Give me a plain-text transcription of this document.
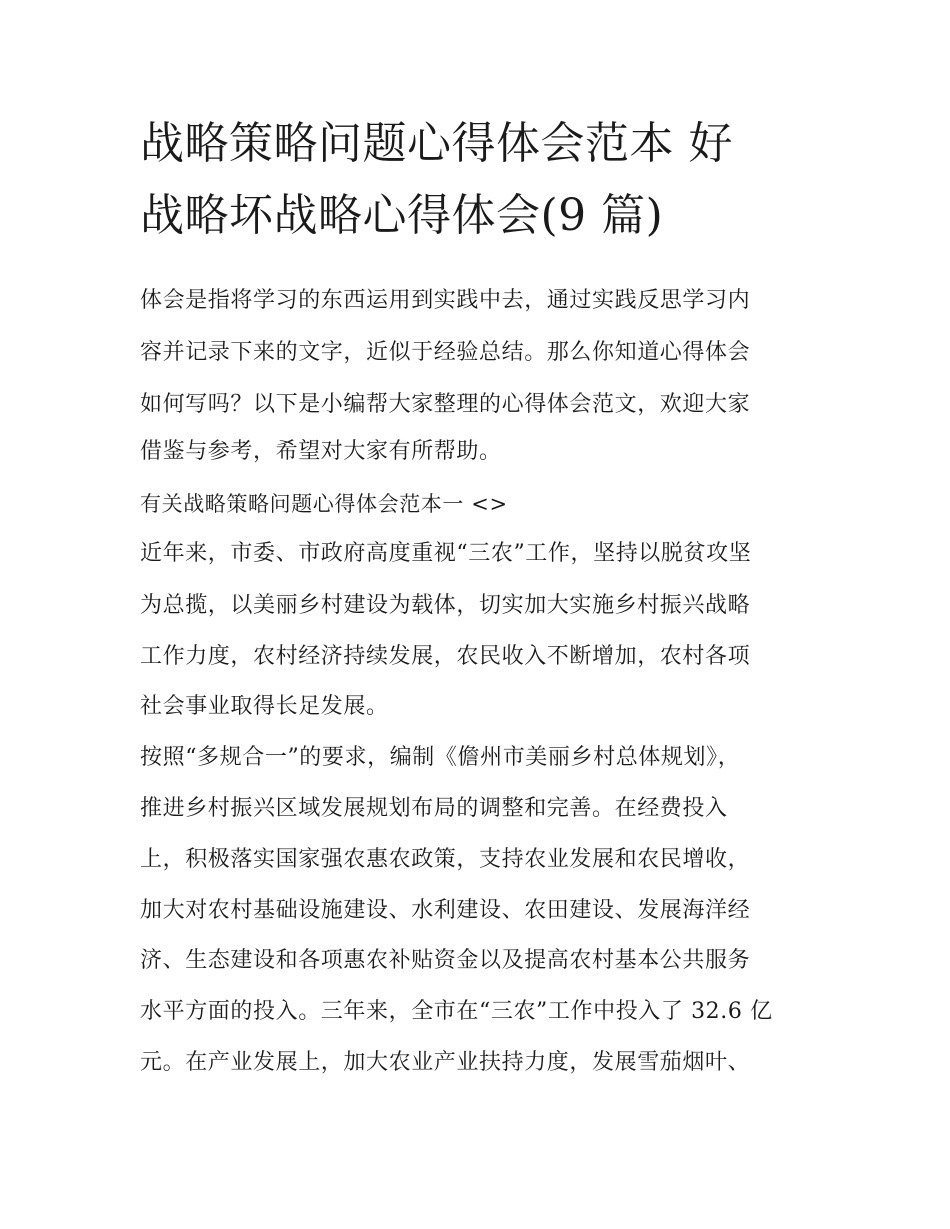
战略策略问题心得体会范本 好
战略坏战略心得体会(9 篇)

体会是指将学习的东西运用到实践中去，通过实践反思学习内

容并记录下来的文字，近似于经验总结。那么你知道心得体会

如何写吗？以下是小编帮大家整理的心得体会范文，欢迎大家

借鉴与参考，希望对大家有所帮助。

有关战略策略问题心得体会范本一 <>

近年来，市委、市政府高度重视“三农”工作，坚持以脱贫攻坚

为总揽，以美丽乡村建设为载体，切实加大实施乡村振兴战略

工作力度，农村经济持续发展，农民收入不断增加，农村各项

社会事业取得长足发展。

按照“多规合一”的要求，编制《儋州市美丽乡村总体规划》，

推进乡村振兴区域发展规划布局的调整和完善。在经费投入

上，积极落实国家强农惠农政策，支持农业发展和农民增收，

加大对农村基础设施建设、水利建设、农田建设、发展海洋经

济、生态建设和各项惠农补贴资金以及提高农村基本公共服务

水平方面的投入。三年来，全市在“三农”工作中投入了 32.6 亿

元。在产业发展上，加大农业产业扶持力度，发展雪茄烟叶、
